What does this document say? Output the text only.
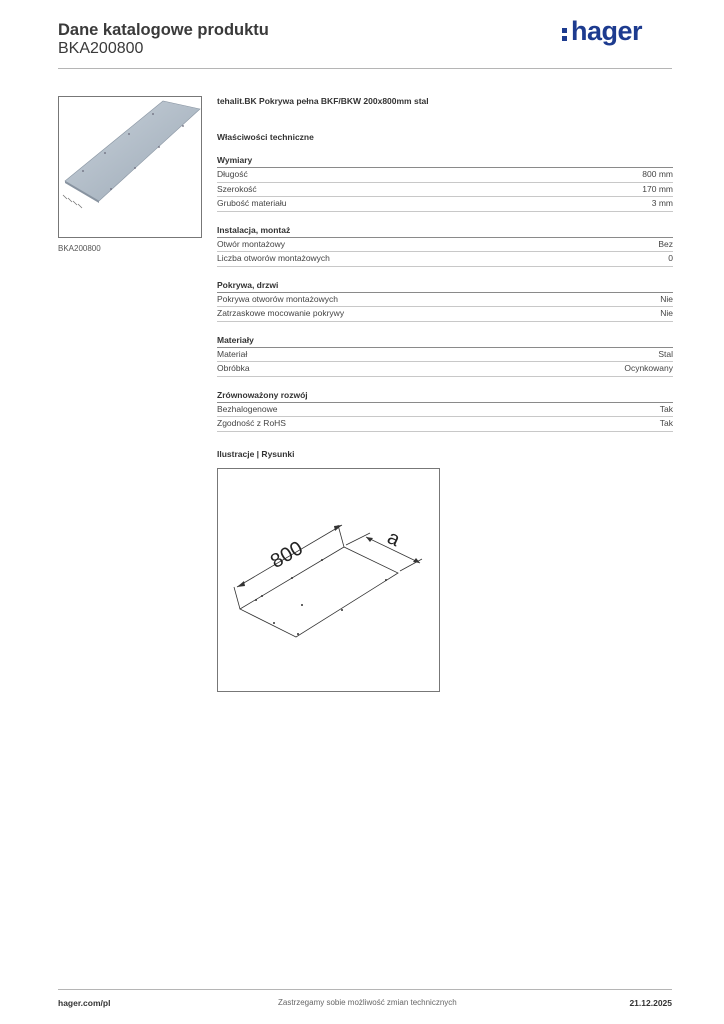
Dane katalogowe produktu
BKA200800
hager
BKA200800
tehalit.BK Pokrywa pełna BKF/BKW 200x800mm stal
Właściwości techniczne
Wymiary
Długość	800 mm
Szerokość	170 mm
Grubość materiału	3 mm
Instalacja, montaż
Otwór montażowy	Bez
Liczba otworów montażowych	0
Pokrywa, drzwi
Pokrywa otworów montażowych	Nie
Zatrzaskowe mocowanie pokrywy	Nie
Materiały
Materiał	Stal
Obróbka	Ocynkowany
Zrównoważony rozwój
Bezhalogenowe	Tak
Zgodność z RoHS	Tak
Ilustracje | Rysunki
800	a
hager.com/pl	Zastrzegamy sobie możliwość zmian technicznych	21.12.2025
